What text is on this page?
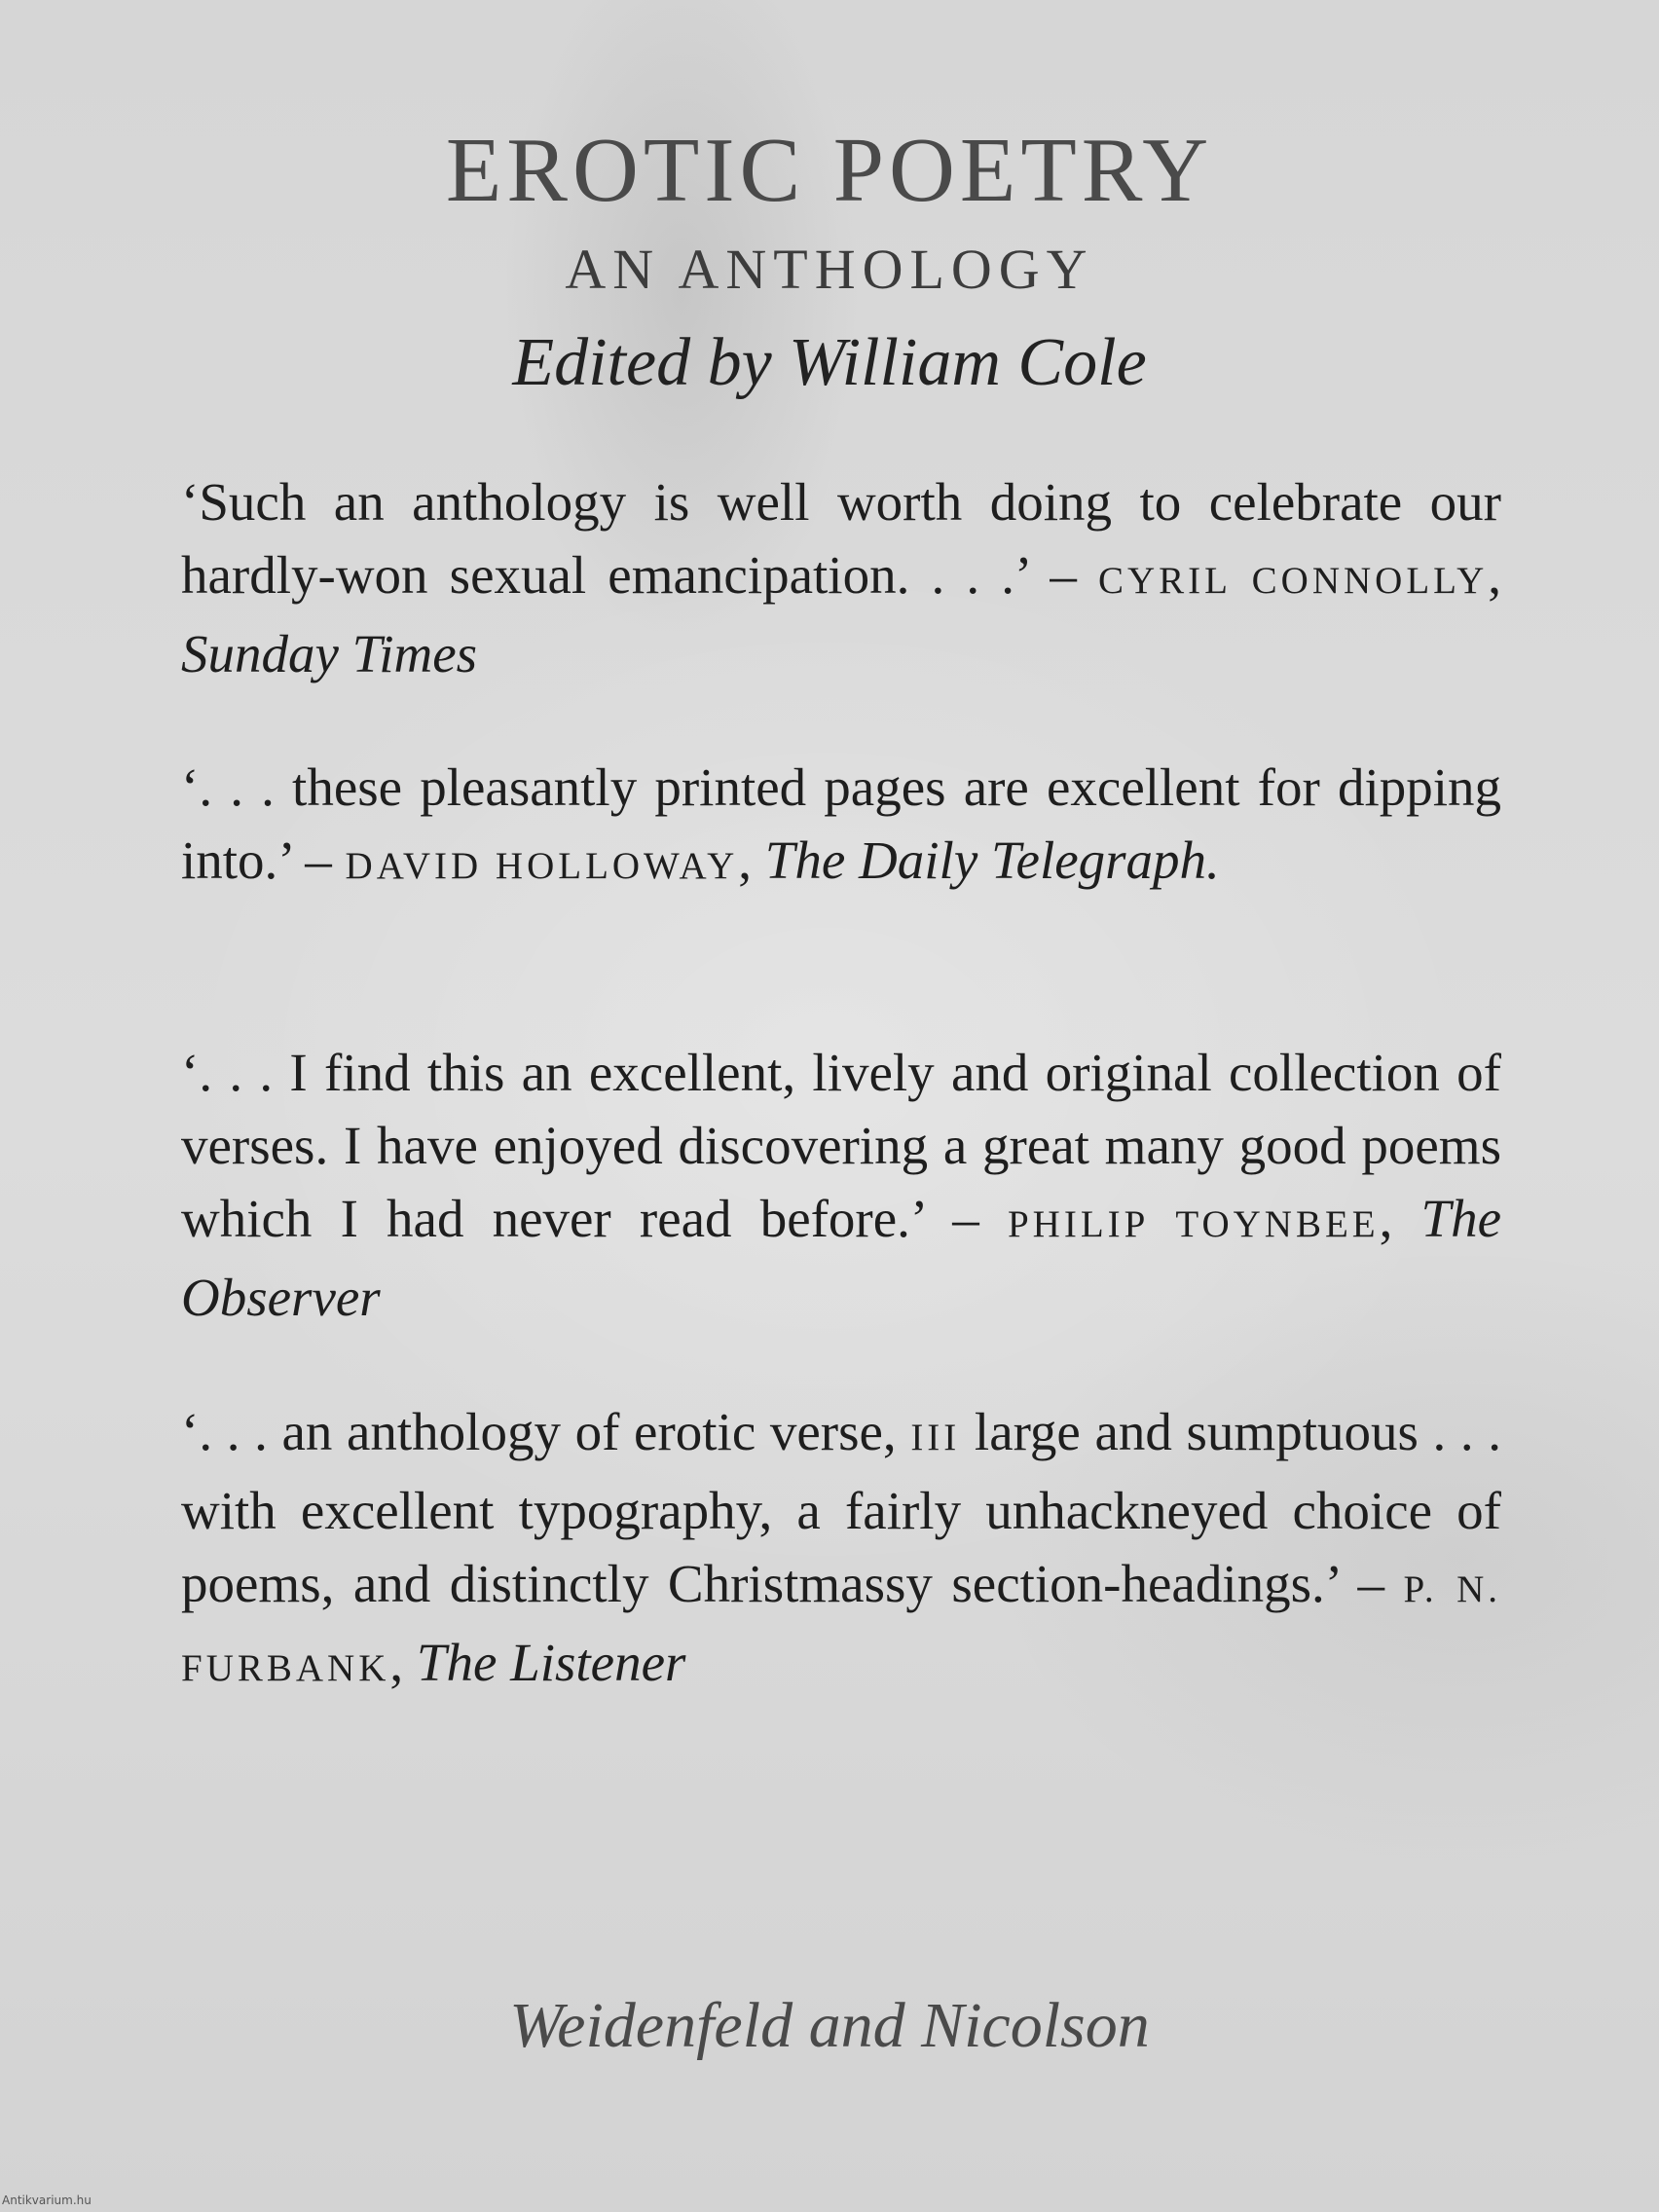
EROTIC POETRY
AN ANTHOLOGY
Edited by William Cole
‘Such an anthology is well worth doing to celebrate our hardly-won sexual emancipation. . . .’ – CYRIL CONNOLLY, Sunday Times
‘. . . these pleasantly printed pages are excellent for dipping into.’ – DAVID HOLLOWAY, The Daily Telegraph.
‘. . . I find this an excellent, lively and original collection of verses. I have enjoyed discovering a great many good poems which I had never read before.’ – PHILIP TOYNBEE, The Observer
‘. . . an anthology of erotic verse, III large and sumptuous . . . with excellent typography, a fairly unhackneyed choice of poems, and distinctly Christmassy section-headings.’ – P. N. FURBANK, The Listener
Weidenfeld and Nicolson
Antikvarium.hu
